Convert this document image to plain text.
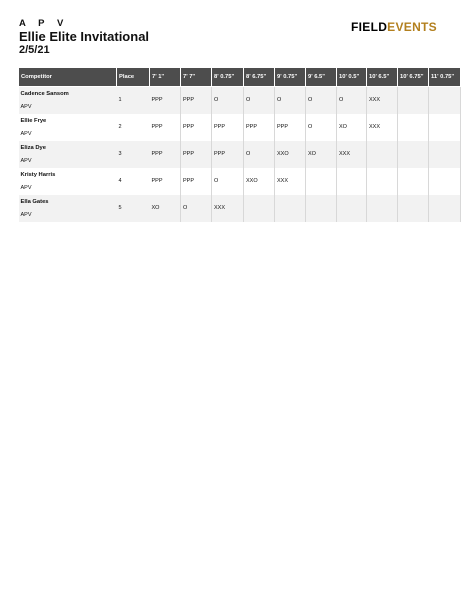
A P V
Ellie Elite Invitational
2/5/21
FIELDEVENTS
Competitor	Place	7' 1"	7' 7"	8' 0.75"	8' 6.75"	9' 0.75"	9' 6.5"	10' 0.5"	10' 6.5"	10' 6.75"	11' 0.75"

Cadence Sansom
APV	1	PPP	PPP	O	O	O	O	O	XXX		

Ellie Frye
APV	2	PPP	PPP	PPP	PPP	PPP	O	XO	XXX		

Eliza Dye
APV	3	PPP	PPP	PPP	O	XXO	XO	XXX			

Kristy Harris
APV	4	PPP	PPP	O	XXO	XXX					

Ella Gates
APV	5	XO	O	XXX							
